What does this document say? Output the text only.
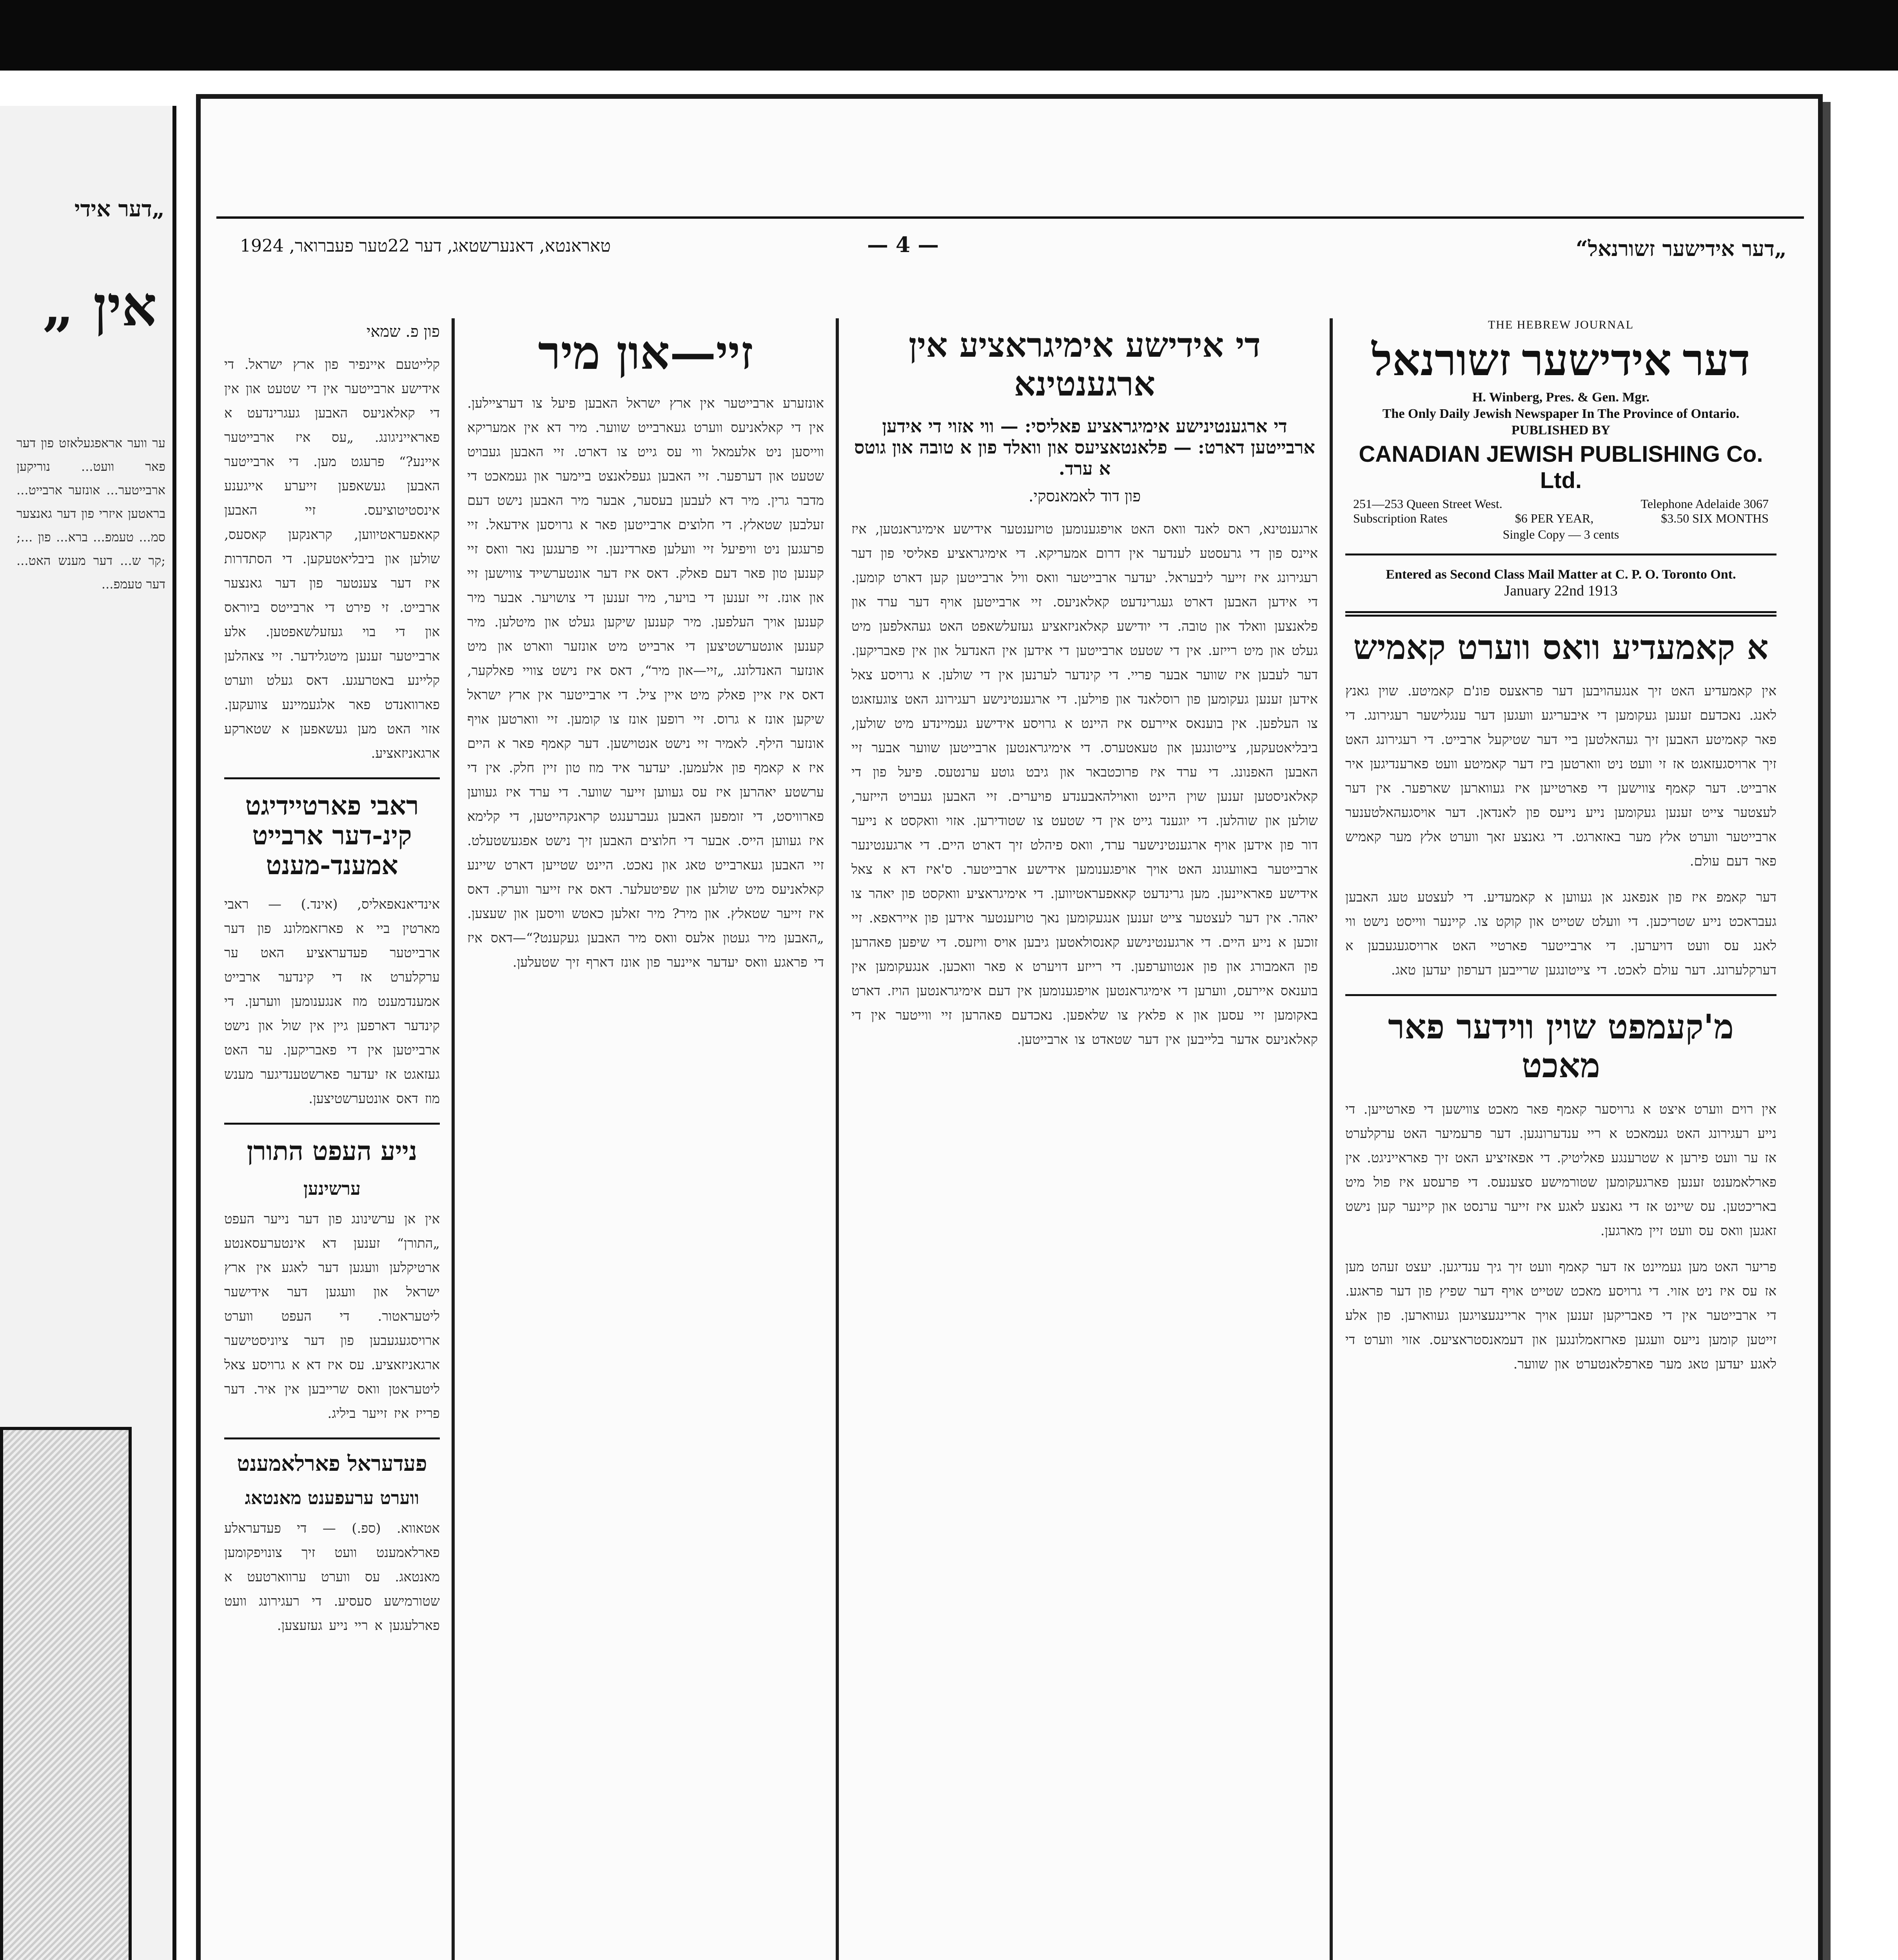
„דער אידי
אין „
ער ווער אראפגעלאזט פון דער פאר וועט... נוריקען ארבייטער... אונזער ארבייט... בראטען איזרי פון דער גאנצער סמ... טעמפ... ברא... פון ...; ;קר ש... דער מענש האט... דער טעמפ...
טאראנטא, דאנערשטאג, דער 22טער פעברואר, 1924	— 4 —	„דער אידישער זשורנאל“
THE HEBREW JOURNAL
דער אידישער זשורנאל
H. Winberg, Pres. & Gen. Mgr.
The Only Daily Jewish Newspaper In The Province of Ontario.
PUBLISHED BY
CANADIAN JEWISH PUBLISHING Co. Ltd.
251—253 Queen Street West.	Telephone Adelaide 3067
Subscription Rates	$6 PER YEAR,	$3.50 SIX MONTHS
Single Copy — 3 cents
Entered as Second Class Mail Matter at C. P. O. Toronto Ont.
January 22nd 1913
א קאמעדיע וואס ווערט קאמיש
אין קאמעדיע האט זיך אנגעהויבען דער פראצעס פונ'ם קאמיטע. שוין גאנץ לאנג. נאכדעם זענען געקומען די איבעריגע וועגען דער ענגלישער רעגירונג. די פאר קאמיטע האבען זיך געהאלטען ביי דער שטיקעל ארבייט. די רעגירונג האט זיך ארויסגעזאגט אז זי וועט ניט ווארטען ביז דער קאמיטע וועט פארענדיגען איר ארבייט. דער קאמף צווישען די פארטייען איז געווארען שארפער. אין דער לעצטער צייט זענען געקומען נייע נייעס פון לאנדאן. דער אויסגעהאלטענער ארבייטער ווערט אלץ מער באזארגט. די גאנצע זאך ווערט אלץ מער קאמיש פאר דעם עולם.
דער קאמפ איז פון אנפאנג אן געווען א קאמעדיע. די לעצטע טעג האבען געבראכט נייע שטריכען. די וועלט שטייט און קוקט צו. קיינער ווייסט נישט ווי לאנג עס וועט דויערען. די ארבייטער פארטיי האט ארויסגעגעבען א דערקלערונג. דער עולם לאכט. די צייטונגען שרייבען דערפון יעדען טאג.
מ'קעמפט שוין ווידער פאר מאכט
אין רוים ווערט איצט א גרויסער קאמף פאר מאכט צווישען די פארטייען. די נייע רעגירונג האט געמאכט א ריי ענדערונגען. דער פרעמיער האט ערקלערט אז ער וועט פירען א שטרענגע פאליטיק. די אפאזיציע האט זיך פאראייניגט. אין פארלאמענט זענען פארגעקומען שטורמישע סצענעס. די פרעסע איז פול מיט באריכטען. עס שיינט אז די גאנצע לאגע איז זייער ערנסט און קיינער קען נישט זאגען וואס עס וועט זיין מארגען.
פריער האט מען געמיינט אז דער קאמף וועט זיך גיך ענדיגען. יעצט זעהט מען אז עס איז ניט אזוי. די גרויסע מאכט שטייט אויף דער שפיץ פון דער פראגע. די ארבייטער אין די פאבריקען זענען אויך אריינגעצויגען געווארען. פון אלע זייטען קומען נייעס וועגען פארזאמלונגען און דעמאנסטראציעס. אזוי ווערט די לאגע יעדען טאג מער פארפלאנטערט און שווער.
די אידישע אימיגראציע אין ארגענטינא
די ארגענטינישע אימיגראציע פאליסי: — ווי אזוי די אידען ארבייטען דארט: — פלאנטאציעס און וואלד פון א טובה און גוטס א ערד.
פון דוד לאמאנסקי.
ארגענטינא, ראס לאנד וואס האט אויפגענומען טויזענטער אידישע אימיגראנטען, איז איינס פון די גרעסטע לענדער אין דרום אמעריקא. די אימיגראציע פאליסי פון דער רעגירונג איז זייער ליבעראל. יעדער ארבייטער וואס וויל ארבייטען קען דארט קומען. די אידען האבען דארט געגרינדעט קאלאניעס. זיי ארבייטען אויף דער ערד און פלאנצען וואלד און טובה. די יודישע קאלאניזאציע געזעלשאפט האט געהאלפען מיט געלט און מיט רייזע. אין די שטעט ארבייטען די אידען אין האנדעל און אין פאבריקען. דער לעבען איז שווער אבער פריי. די קינדער לערנען אין די שולען. א גרויסע צאל אידען זענען געקומען פון רוסלאנד און פוילען. די ארגענטינישע רעגירונג האט צוגעזאגט צו העלפען. אין בוענאס איירעס איז היינט א גרויסע אידישע געמיינדע מיט שולען, ביבליאטעקען, צייטונגען און טעאטערס. די אימיגראנטען ארבייטען שווער אבער זיי האבען האפנונג. די ערד איז פרוכטבאר און גיבט גוטע ערנטעס. פיעל פון די קאלאניסטען זענען שוין היינט וואוילהאבענדע פויערים. זיי האבען געבויט הייזער, שולען און שוהלען. די יוגענד גייט אין די שטעט צו שטודירען. אזוי וואקסט א נייער דור פון אידען אויף ארגענטינישער ערד, וואס פיהלט זיך דארט היים. די ארגענטינער ארבייטער באוועגונג האט אויך אויפגענומען אידישע ארבייטער. ס'איז דא א צאל אידישע פאראיינען. מען גרינדעט קאאפעראטיווען. די אימיגראציע וואקסט פון יאהר צו יאהר. אין דער לעצטער צייט זענען אנגעקומען נאך טויזענטער אידען פון אייראפא. זיי זוכען א נייע היים. די ארגענטינישע קאנסולאטען גיבען אויס וויזעס. די שיפען פאהרען פון האמבורג און פון אנטווערפען. די רייזע דויערט א פאר וואכען. אנגעקומען אין בוענאס איירעס, ווערען די אימיגראנטען אויפגענומען אין דעם אימיגראנטען הויז. דארט באקומען זיי עסען און א פלאץ צו שלאפען. נאכדעם פאהרען זיי ווייטער אין די קאלאניעס אדער בלייבען אין דער שטאדט צו ארבייטען.
זיי—און מיר
אונזערע ארבייטער אין ארץ ישראל האבען פיעל צו דערציילען. אין די קאלאניעס ווערט געארבייט שווער. מיר דא אין אמעריקא ווייסען ניט אלעמאל ווי עס גייט צו דארט. זיי האבען געבויט שטעט און דערפער. זיי האבען געפלאנצט ביימער און געמאכט די מדבר גרין. מיר דא לעבען בעסער, אבער מיר האבען נישט דעם זעלבען שטאלץ. די חלוצים ארבייטען פאר א גרויסען אידעאל. זיי פרעגען ניט וויפיעל זיי וועלען פארדינען. זיי פרעגען נאר וואס זיי קענען טון פאר דעם פאלק. דאס איז דער אונטערשייד צווישען זיי און אונז. זיי זענען די בויער, מיר זענען די צושויער. אבער מיר קענען אויך העלפען. מיר קענען שיקען געלט און מיטלען. מיר קענען אונטערשטיצען די ארבייט מיט אונזער ווארט און מיט אונזער האנדלונג. „זיי—און מיר“, דאס איז נישט צוויי פאלקער, דאס איז איין פאלק מיט איין ציל. די ארבייטער אין ארץ ישראל שיקען אונז א גרוס. זיי רופען אונז צו קומען. זיי ווארטען אויף אונזער הילף. לאמיר זיי נישט אנטוישען. דער קאמף פאר א היים איז א קאמף פון אלעמען. יעדער איד מוז טון זיין חלק. אין די ערשטע יאהרען איז עס געווען זייער שווער. די ערד איז געווען פארוויסט, די זומפען האבען געברענגט קראנקהייטען, די קלימא איז געווען הייס. אבער די חלוצים האבען זיך נישט אפגעשטעלט. זיי האבען געארבייט טאג און נאכט. היינט שטייען דארט שיינע קאלאניעס מיט שולען און שפיטעלער. דאס איז זייער ווערק. דאס איז זייער שטאלץ. און מיר? מיר זאלען כאטש וויסען און שעצען. „האבען מיר געטון אלעס וואס מיר האבען געקענט?“—דאס איז די פראגע וואס יעדער איינער פון אונז דארף זיך שטעלען.
פון פ. שמאי
קלייטעם איינפיר פון ארץ ישראל. די אידישע ארבייטער אין די שטעט און אין די קאלאניעס האבען געגרינדעט א פאראייניגונג. „עס איז ארבייטער איינע?“ פרעגט מען. די ארבייטער האבען געשאפען זייערע אייגענע אינסטיטוציעס. זיי האבען קאאפעראטיווען, קראנקען קאסעס, שולען און ביבליאטעקען. די הסתדרות איז דער צענטער פון דער גאנצער ארבייט. זי פירט די ארבייטס ביוראס און די בוי געזעלשאפטען. אלע ארבייטער זענען מיטגלידער. זיי צאהלען קליינע באטרעגע. דאס געלט ווערט פארוואנדט פאר אלגעמיינע צוועקען. אזוי האט מען געשאפען א שטארקע ארגאניזאציע.
ראבי פארטיידיגט קינ‑דער ארבייט אמענד‑מענט
אינדיאנאפאליס, (אינד.) — ראבי מארטין ביי א פארזאמלונג פון דער ארבייטער פעדעראציע האט ער ערקלערט אז די קינדער ארבייט אמענדמענט מוז אנגענומען ווערען. די קינדער דארפען גיין אין שול און נישט ארבייטען אין די פאבריקען. ער האט געזאגט אז יעדער פארשטענדיגער מענש מוז דאס אונטערשטיצען.
נייע העפט התורן
ערשינען
אין אן ערשינונג פון דער נייער העפט „התורן“ זענען דא אינטערעסאנטע ארטיקלען וועגען דער לאגע אין ארץ ישראל און וועגען דער אידישער ליטעראטור. די העפט ווערט ארויסגעגעבען פון דער ציוניסטישער ארגאניזאציע. עס איז דא א גרויסע צאל ליטעראטן וואס שרייבען אין איר. דער פרייז איז זייער ביליג.
פעדעראל פארלאמענט
ווערט ערעפענט מאנטאג
אטאווא. (ספ.) — די פעדעראלע פארלאמענט וועט זיך צונויפקומען מאנטאג. עס ווערט ערווארטעט א שטורמישע סעסיע. די רעגירונג וועט פארלעגען א ריי נייע געזעצען.
